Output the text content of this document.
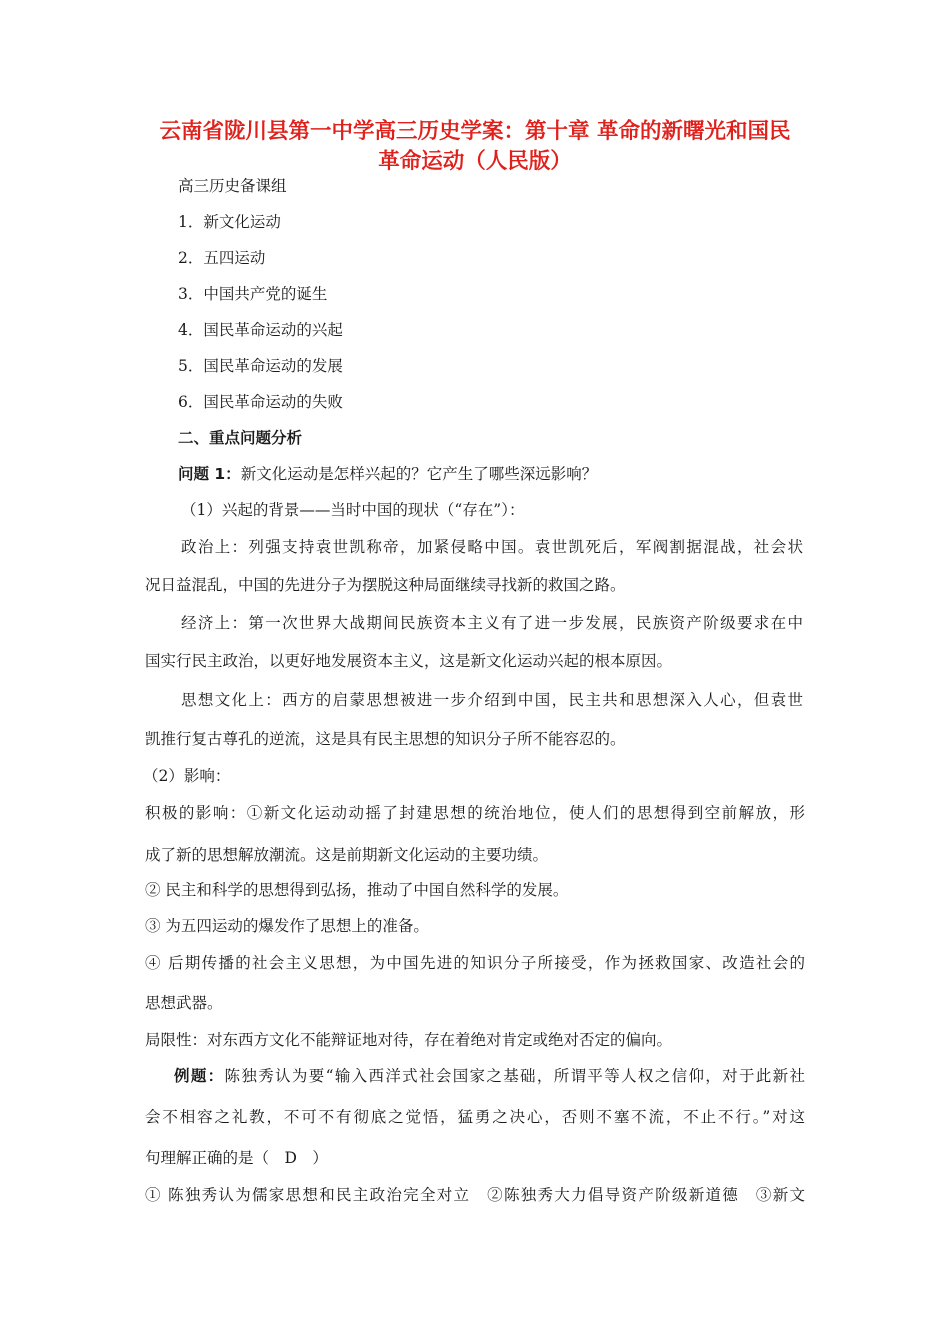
云南省陇川县第一中学高三历史学案：第十章 革命的新曙光和国民
革命运动（人民版）

高三历史备课组

1．新文化运动

2．五四运动

3．中国共产党的诞生

4．国民革命运动的兴起

5．国民革命运动的发展

6．国民革命运动的失败

二、重点问题分析

问题 1：新文化运动是怎样兴起的？它产生了哪些深远影响？

（1）兴起的背景——当时中国的现状（“存在”）：

政治上：列强支持袁世凯称帝，加紧侵略中国。袁世凯死后，军阀割据混战，社会状

况日益混乱，中国的先进分子为摆脱这种局面继续寻找新的救国之路。

经济上：第一次世界大战期间民族资本主义有了进一步发展，民族资产阶级要求在中

国实行民主政治，以更好地发展资本主义，这是新文化运动兴起的根本原因。

思想文化上：西方的启蒙思想被进一步介绍到中国，民主共和思想深入人心，但袁世

凯推行复古尊孔的逆流，这是具有民主思想的知识分子所不能容忍的。

（2）影响：

积极的影响：①新文化运动动摇了封建思想的统治地位，使人们的思想得到空前解放，形

成了新的思想解放潮流。这是前期新文化运动的主要功绩。

② 民主和科学的思想得到弘扬，推动了中国自然科学的发展。

③ 为五四运动的爆发作了思想上的准备。

④ 后期传播的社会主义思想，为中国先进的知识分子所接受，作为拯救国家、改造社会的

思想武器。

局限性：对东西方文化不能辩证地对待，存在着绝对肯定或绝对否定的偏向。

例题：陈独秀认为要“输入西洋式社会国家之基础，所谓平等人权之信仰，对于此新社

会不相容之礼教，不可不有彻底之觉悟，猛勇之决心，否则不塞不流，不止不行。”对这

句理解正确的是（　D　）

① 陈独秀认为儒家思想和民主政治完全对立　②陈独秀大力倡导资产阶级新道德　③新文
